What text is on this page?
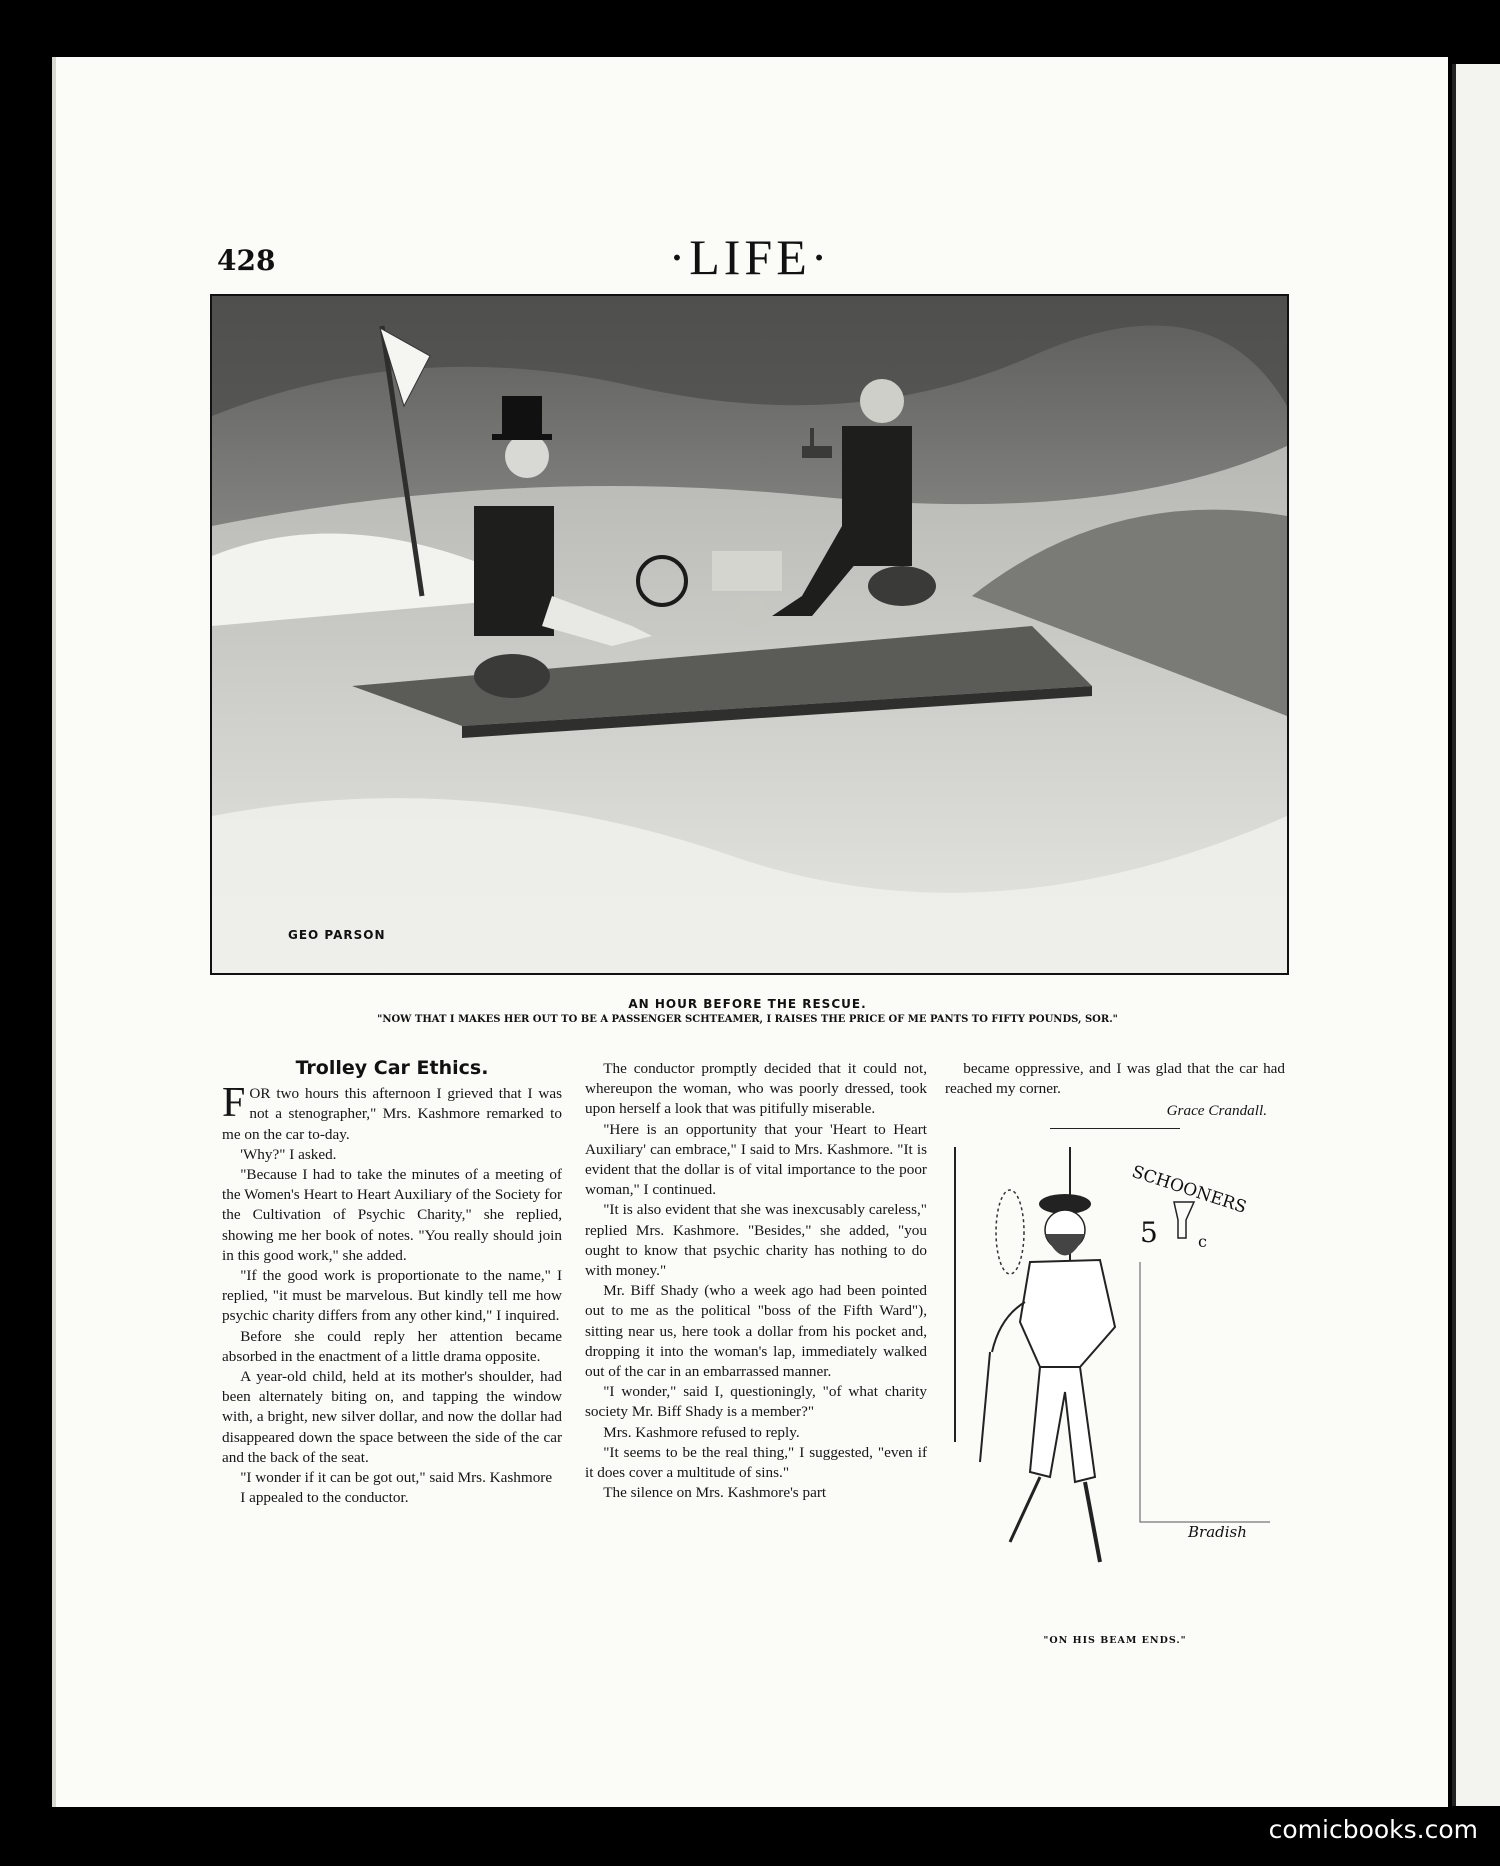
428	·LIFE·
GEO PARSON
AN HOUR BEFORE THE RESCUE.
"NOW THAT I MAKES HER OUT TO BE A PASSENGER SCHTEAMER, I RAISES THE PRICE OF ME PANTS TO FIFTY POUNDS, SOR."
Trolley Car Ethics.

FOR two hours this afternoon I grieved that I was not a stenographer," Mrs. Kashmore remarked to me on the car to-day.

'Why?" I asked.

"Because I had to take the minutes of a meeting of the Women's Heart to Heart Auxiliary of the Society for the Cultivation of Psychic Charity," she replied, showing me her book of notes. "You really should join in this good work," she added.

"If the good work is proportionate to the name," I replied, "it must be marvelous. But kindly tell me how psychic charity differs from any other kind," I inquired.

Before she could reply her attention became absorbed in the enactment of a little drama opposite.

A year-old child, held at its mother's shoulder, had been alternately biting on, and tapping the window with, a bright, new silver dollar, and now the dollar had disappeared down the space between the side of the car and the back of the seat.

"I wonder if it can be got out," said Mrs. Kashmore

I appealed to the conductor.

The conductor promptly decided that it could not, whereupon the woman, who was poorly dressed, took upon herself a look that was pitifully miserable.

"Here is an opportunity that your 'Heart to Heart Auxiliary' can embrace," I said to Mrs. Kashmore. "It is evident that the dollar is of vital importance to the poor woman," I continued.

"It is also evident that she was inexcusably careless," replied Mrs. Kashmore. "Besides," she added, "you ought to know that psychic charity has nothing to do with money."

Mr. Biff Shady (who a week ago had been pointed out to me as the political "boss of the Fifth Ward"), sitting near us, here took a dollar from his pocket and, dropping it into the woman's lap, immediately walked out of the car in an embarrassed manner.

"I wonder," said I, questioningly, "of what charity society Mr. Biff Shady is a member?"

Mrs. Kashmore refused to reply.

"It seems to be the real thing," I suggested, "even if it does cover a multitude of sins."

The silence on Mrs. Kashmore's part

became oppressive, and I was glad that the car had reached my corner.

Grace Crandall.
SCHOONERS
5	c
Bradish
"ON HIS BEAM ENDS."
comicbooks.com
